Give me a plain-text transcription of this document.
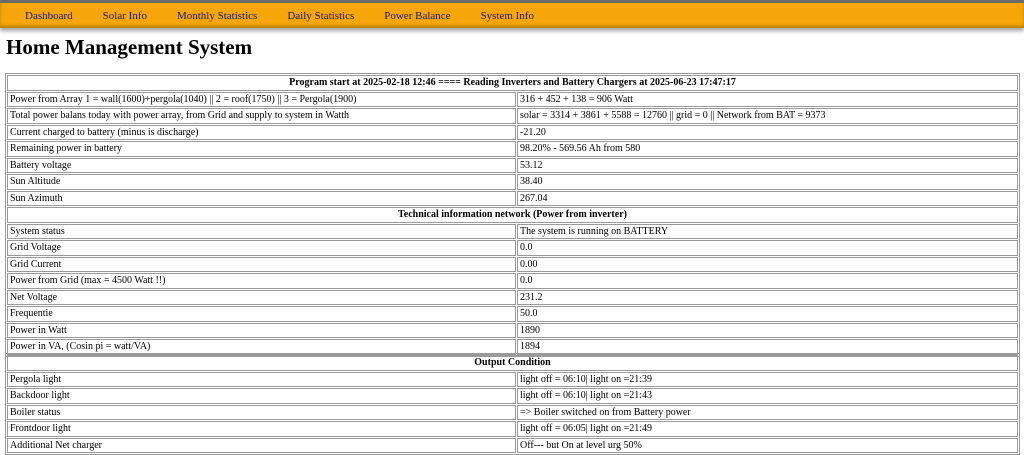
Dashboard	Solar Info	Monthly Statistics	Daily Statistics	Power Balance	System Info
Home Management System
Program start at 2025-02-18 12:46 ==== Reading Inverters and Battery Chargers at 2025-06-23 17:47:17	
Power from Array 1 = wall(1600)+pergola(1040) || 2 = roof(1750) || 3 = Pergola(1900)	316 + 452 + 138 = 906 Watt
Total power balans today with power array, from Grid and supply to system in Watth	solar = 3314 + 3861 + 5588 = 12760 || grid = 0 || Network from BAT = 9373
Current charged to battery (minus is discharge)	-21.20
Remaining power in battery	98.20% - 569.56 Ah from 580
Battery voltage	53.12
Sun Altitude	38.40
Sun Azimuth	267.04
Technical information network (Power from inverter)	
System status	The system is running on BATTERY
Grid Voltage	0.0
Grid Current	0.00
Power from Grid (max = 4500 Watt !!)	0.0
Net Voltage	231.2
Frequentie	50.0
Power in Watt	1890
Power in VA, (Cosin pi = watt/VA)	1894
Output Condition	
Pergola light	light off = 06:10| light on =21:39
Backdoor light	light off = 06:10| light on =21:43
Boiler status	=> Boiler switched on from Battery power
Frontdoor light	light off = 06:05| light on =21:49
Additional Net charger	Off--- but On at level urg 50%
